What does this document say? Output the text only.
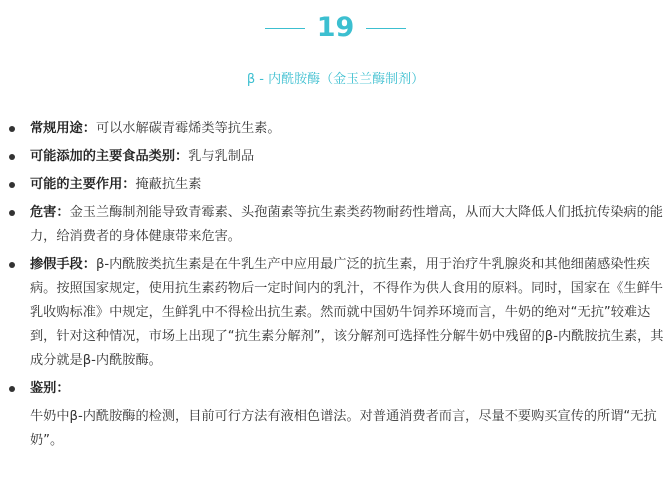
19
β - 内酰胺酶（金玉兰酶制剂）
常规用途：可以水解碳青霉烯类等抗生素。
可能添加的主要食品类别：乳与乳制品
可能的主要作用：掩蔽抗生素
危害：金玉兰酶制剂能导致青霉素、头孢菌素等抗生素类药物耐药性增高，从而大大降低人们抵抗传染病的能力，给消费者的身体健康带来危害。
掺假手段：β-内酰胺类抗生素是在牛乳生产中应用最广泛的抗生素，用于治疗牛乳腺炎和其他细菌感染性疾病。按照国家规定，使用抗生素药物后一定时间内的乳汁，不得作为供人食用的原料。同时，国家在《生鲜牛乳收购标准》中规定，生鲜乳中不得检出抗生素。然而就中国奶牛饲养环境而言，牛奶的绝对“无抗”较难达到，针对这种情况，市场上出现了“抗生素分解剂”，该分解剂可选择性分解牛奶中残留的β-内酰胺抗生素，其成分就是β-内酰胺酶。
鉴别：
牛奶中β-内酰胺酶的检测，目前可行方法有液相色谱法。对普通消费者而言，尽量不要购买宣传的所谓“无抗奶”。
